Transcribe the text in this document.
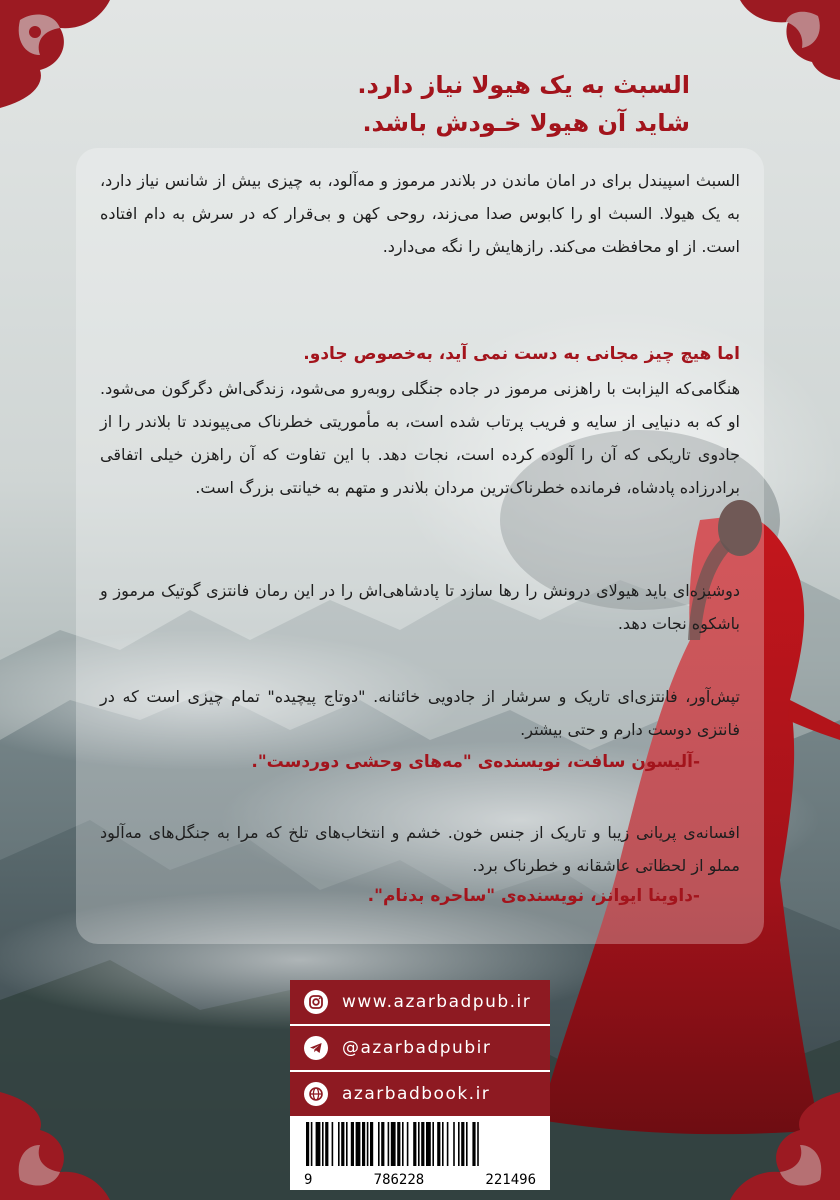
السبث به یک هیولا نیاز دارد.
شاید آن هیولا خـودش باشد.
السبث اسپیندل برای در امان ماندن در بلاندر مرموز و مه‌آلود، به چیزی بیش از شانس نیاز دارد، به یک هیولا. السبث او را کابوس صدا می‌زند، روحی کهن و بی‌قرار که در سرش به دام افتاده است. از او محافظت می‌کند. رازهایش را نگه می‌دارد.
اما هیچ چیز مجانی به دست نمی آید، به‌خصوص جادو.
هنگامی‌که الیزابت با راهزنی مرموز در جاده جنگلی روبه‌رو می‌شود، زندگی‌اش دگرگون می‌شود. او که به دنیایی از سایه و فریب پرتاب شده است، به مأموریتی خطرناک می‌پیوندد تا بلاندر را از جادوی تاریکی که آن را آلوده کرده است، نجات دهد. با این تفاوت که آن راهزن خیلی اتفاقی برادرزاده پادشاه، فرمانده خطرناک‌ترین مردان بلاندر و متهم به خیانتی بزرگ است.
دوشیزه‌ای باید هیولای درونش را رها سازد تا پادشاهی‌اش را در این رمان فانتزی گوتیک مرموز و باشکوه نجات دهد.
تپش‌آور، فانتزی‌ای تاریک و سرشار از جادویی خائنانه. "دوتاج پیچیده" تمام چیزی است که در فانتزی دوست دارم و حتی بیشتر.
-آلیسون سافت، نویسنده‌ی "مه‌های وحشی دوردست".
افسانه‌ی پریانی زیبا و تاریک از جنس خون. خشم و انتخاب‌های تلخ که مرا به جنگل‌های مه‌آلود مملو از لحظاتی عاشقانه و خطرناک برد.
-داوینا ایوانز، نویسنده‌ی "ساحره بدنام".
www.azarbadpub.ir
@azarbadpubir
azarbadbook.ir
9	786228	221496
